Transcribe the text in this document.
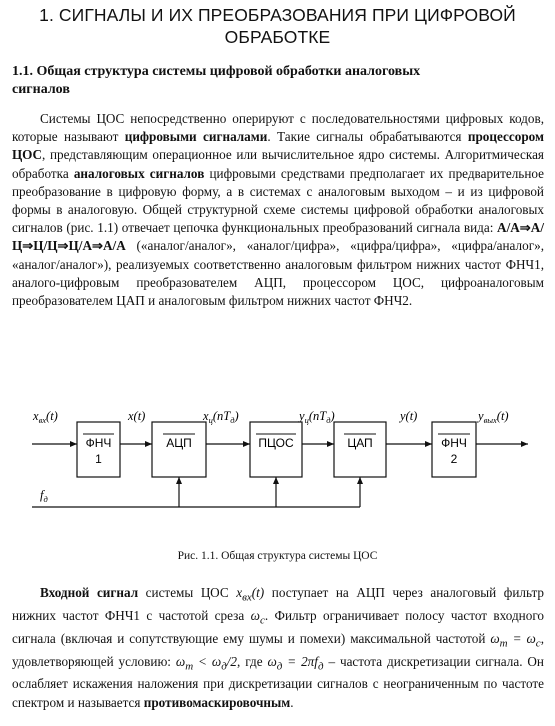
1. СИГНАЛЫ И ИХ ПРЕОБРАЗОВАНИЯ ПРИ ЦИФРОВОЙ
ОБРАБОТКЕ
1.1. Общая структура системы цифровой обработки аналоговых
сигналов
Системы ЦОС непосредственно оперируют с последовательностями цифровых кодов, которые называют цифровыми сигналами. Такие сигналы обрабатываются процессором ЦОС, представляющим операционное или вычислительное ядро системы. Алгоритмическая обработка аналоговых сигналов цифровыми средствами предполагает их предварительное преобразование в цифровую форму, а в системах с аналоговым выходом – и из цифровой формы в аналоговую. Общей структурной схеме системы цифровой обработки аналоговых сигналов (рис. 1.1) отвечает цепочка функциональных преобразований сигнала вида: А/А⇒А/Ц⇒Ц/Ц⇒Ц/А⇒А/А («аналог/аналог», «аналог/цифра», «цифра/цифра», «цифра/аналог», «аналог/аналог»), реализуемых соответственно аналоговым фильтром нижних частот ФНЧ1, аналого-цифровым преобразователем АЦП, процессором ЦОС, цифроаналоговым преобразователем ЦАП и аналоговым фильтром нижних частот ФНЧ2.
ФНЧ
1
АЦП	ПЦОС	ЦАП	ФНЧ
2
$x_{вх}(t)$	x(t)	$x_ц(nT_д)$	$y_ц(nT_д)$	y(t)	$y_{вых}(t)$
$f_д$
Рис. 1.1. Общая структура системы ЦОС
Входной сигнал системы ЦОС $x_{вх}(t)$ поступает на АЦП через аналоговый фильтр нижних частот ФНЧ1 с частотой среза $\omega_c$. Фильтр ограничивает полосу частот входного сигнала (включая и сопутствующие ему шумы и помехи) максимальной частотой $\omega_m = \omega_c$, удовлетворяющей условию: $\omega_m < \omega_д/2$, где $\omega_д = 2\pi f_д$ – частота дискретизации сигнала. Он ослабляет искажения наложения при дискретизации сигналов с неограниченным по частоте спектром и называется противомаскировочным.
